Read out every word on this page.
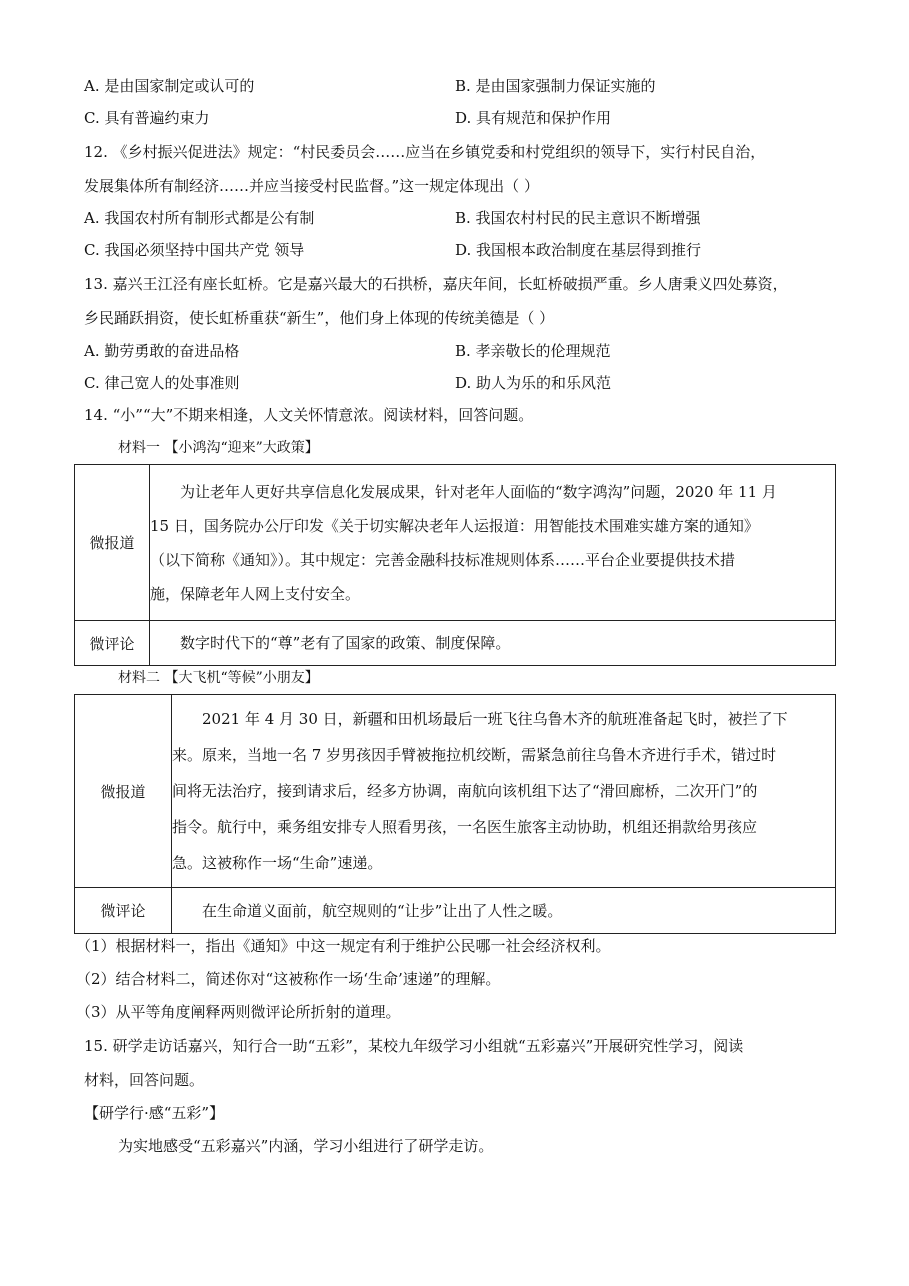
A. 是由国家制定或认可的	B. 是由国家强制力保证实施的
C. 具有普遍约束力	D. 具有规范和保护作用
12. 《乡村振兴促进法》规定：“村民委员会……应当在乡镇党委和村党组织的领导下，实行村民自治，
发展集体所有制经济……并应当接受村民监督。”这一规定体现出（ ）
A. 我国农村所有制形式都是公有制	B. 我国农村村民的民主意识不断增强
C. 我国必须坚持中国共产党 领导	D. 我国根本政治制度在基层得到推行
13. 嘉兴王江泾有座长虹桥。它是嘉兴最大的石拱桥，嘉庆年间，长虹桥破损严重。乡人唐秉义四处募资，
乡民踊跃捐资，使长虹桥重获“新生”，他们身上体现的传统美德是（ ）
A. 勤劳勇敢的奋进品格	B. 孝亲敬长的伦理规范
C. 律己宽人的处事准则	D. 助人为乐的和乐风范
14. “小”“大”不期来相逢，人文关怀情意浓。阅读材料，回答问题。
材料一 【小鸿沟“迎来”大政策】
微报道	为让老年人更好共享信息化发展成果，针对老年人面临的“数字鸿沟”问题，2020 年 11 月
15 日，国务院办公厅印发《关于切实解决老年人运报道：用智能技术围难实雄方案的通知》
（以下简称《通知》）。其中规定：完善金融科技标准规则体系……平台企业要提供技术措
施，保障老年人网上支付安全。

微评论	数字时代下的“尊”老有了国家的政策、制度保障。
材料二 【大飞机“等候”小朋友】
微报道	2021 年 4 月 30 日，新疆和田机场最后一班飞往乌鲁木齐的航班准备起飞时，被拦了下
来。原来，当地一名 7 岁男孩因手臂被拖拉机绞断，需紧急前往乌鲁木齐进行手术，错过时
间将无法治疗，接到请求后，经多方协调，南航向该机组下达了“滑回廊桥，二次开门”的
指令。航行中，乘务组安排专人照看男孩，一名医生旅客主动协助，机组还捐款给男孩应
急。这被称作一场“生命”速递。

微评论	在生命道义面前，航空规则的“让步”让出了人性之暖。
（1）根据材料一，指出《通知》中这一规定有利于维护公民哪一社会经济权利。
（2）结合材料二，简述你对“这被称作一场‘生命’速递”的理解。
（3）从平等角度阐释两则微评论所折射的道理。
15. 研学走访话嘉兴，知行合一助“五彩”，某校九年级学习小组就“五彩嘉兴”开展研究性学习，阅读
材料，回答问题。
【研学行·感“五彩”】
为实地感受“五彩嘉兴”内涵，学习小组进行了研学走访。
